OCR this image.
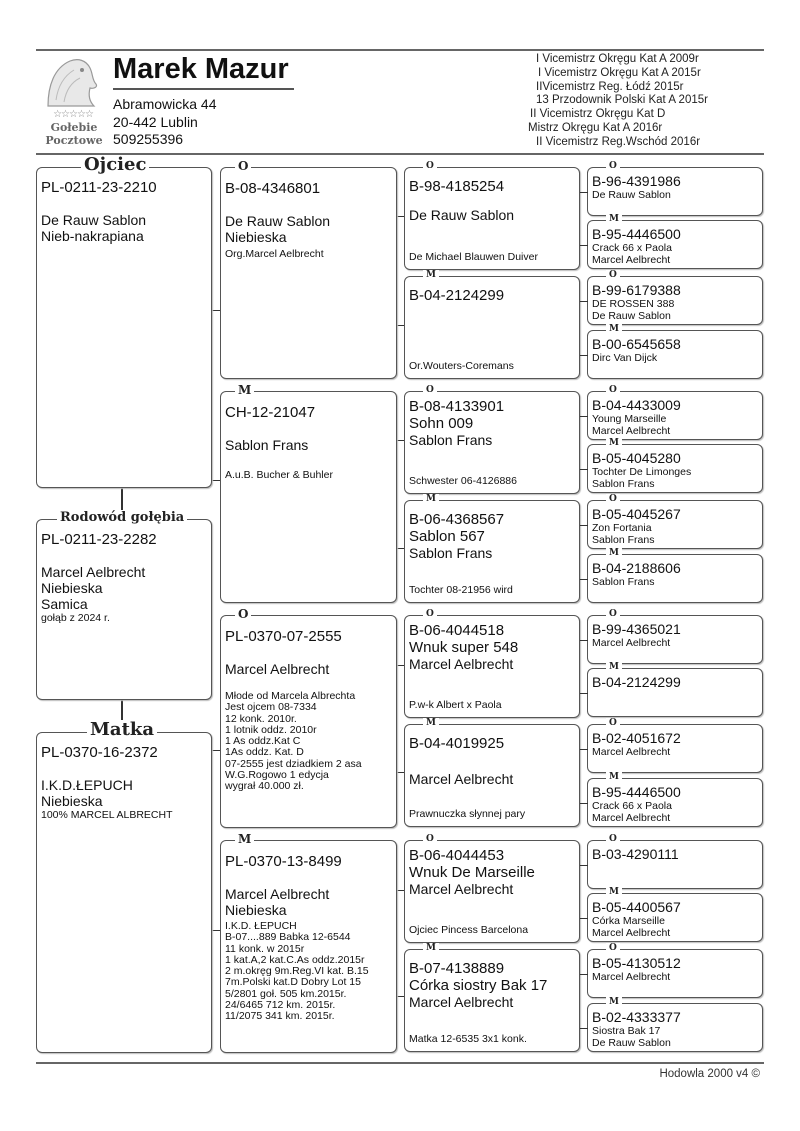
☆☆☆☆☆
Gołebie
Pocztowe
Marek Mazur
Abramowicka 44
20-442 Lublin
509255396
I Vicemistrz Okręgu Kat A 2009r
I Vicemistrz Okręgu Kat A 2015r
IIVicemistrz Reg. Łódź 2015r
13 Przodownik Polski Kat A 2015r
II Vicemistrz Okręgu Kat D
Mistrz Okręgu Kat A 2016r
II Vicemistrz Reg.Wschód 2016r
Ojciec
PL-0211-23-2210
De Rauw Sablon
Nieb-nakrapiana
Rodowód gołębia
PL-0211-23-2282
Marcel Aelbrecht
Niebieska
Samica
gołąb z 2024 r.
Matka
PL-0370-16-2372
I.K.D.ŁEPUCH
Niebieska
100% MARCEL ALBRECHT
O
B-08-4346801
De Rauw Sablon
Niebieska
Org.Marcel Aelbrecht
M
CH-12-21047
Sablon Frans
A.u.B. Bucher & Buhler
O
PL-0370-07-2555
Marcel Aelbrecht
Młode od Marcela Albrechta
Jest ojcem 08-7334
12 konk. 2010r.
1 lotnik oddz. 2010r
1 As oddz.Kat C
1As oddz. Kat. D
07-2555 jest dziadkiem 2 asa
W.G.Rogowo 1 edycja
wygrał 40.000 zł.
M
PL-0370-13-8499
Marcel Aelbrecht
Niebieska
I.K.D. ŁEPUCH
B-07....889 Babka 12-6544
11 konk. w 2015r
1 kat.A,2 kat.C.As oddz.2015r
2 m.okręg 9m.Reg.VI kat. B.15
7m.Polski kat.D Dobry Lot 15
5/2801 goł. 505 km.2015r.
24/6465 712 km. 2015r.
11/2075 341 km. 2015r.
O
B-98-4185254
De Rauw Sablon
De Michael Blauwen Duiver
M
B-04-2124299
Or.Wouters-Coremans
O
B-08-4133901
Sohn 009
Sablon Frans
Schwester 06-4126886
M
B-06-4368567
Sablon 567
Sablon Frans
Tochter 08-21956 wird
O
B-06-4044518
Wnuk super 548
Marcel Aelbrecht
P.w-k Albert x Paola
M
B-04-4019925
Marcel Aelbrecht
Prawnuczka słynnej pary
O
B-06-4044453
Wnuk De Marseille
Marcel Aelbrecht
Ojciec Pincess Barcelona
M
B-07-4138889
Córka siostry Bak 17
Marcel Aelbrecht
Matka 12-6535 3x1 konk.
O
B-96-4391986
De Rauw Sablon
M
B-95-4446500
Crack 66 x Paola
Marcel Aelbrecht
O
B-99-6179388
DE ROSSEN 388
De Rauw Sablon
M
B-00-6545658
Dirc Van Dijck
O
B-04-4433009
Young Marseille
Marcel Aelbrecht
M
B-05-4045280
Tochter De Limonges
Sablon Frans
O
B-05-4045267
Zon Fortania
Sablon Frans
M
B-04-2188606
Sablon Frans
O
B-99-4365021
Marcel Aelbrecht
M
B-04-2124299
O
B-02-4051672
Marcel Aelbrecht
M
B-95-4446500
Crack 66 x Paola
Marcel Aelbrecht
O
B-03-4290111
M
B-05-4400567
Córka Marseille
Marcel Aelbrecht
O
B-05-4130512
Marcel Aelbrecht
M
B-02-4333377
Siostra Bak 17
De Rauw Sablon
Hodowla 2000 v4 ©
